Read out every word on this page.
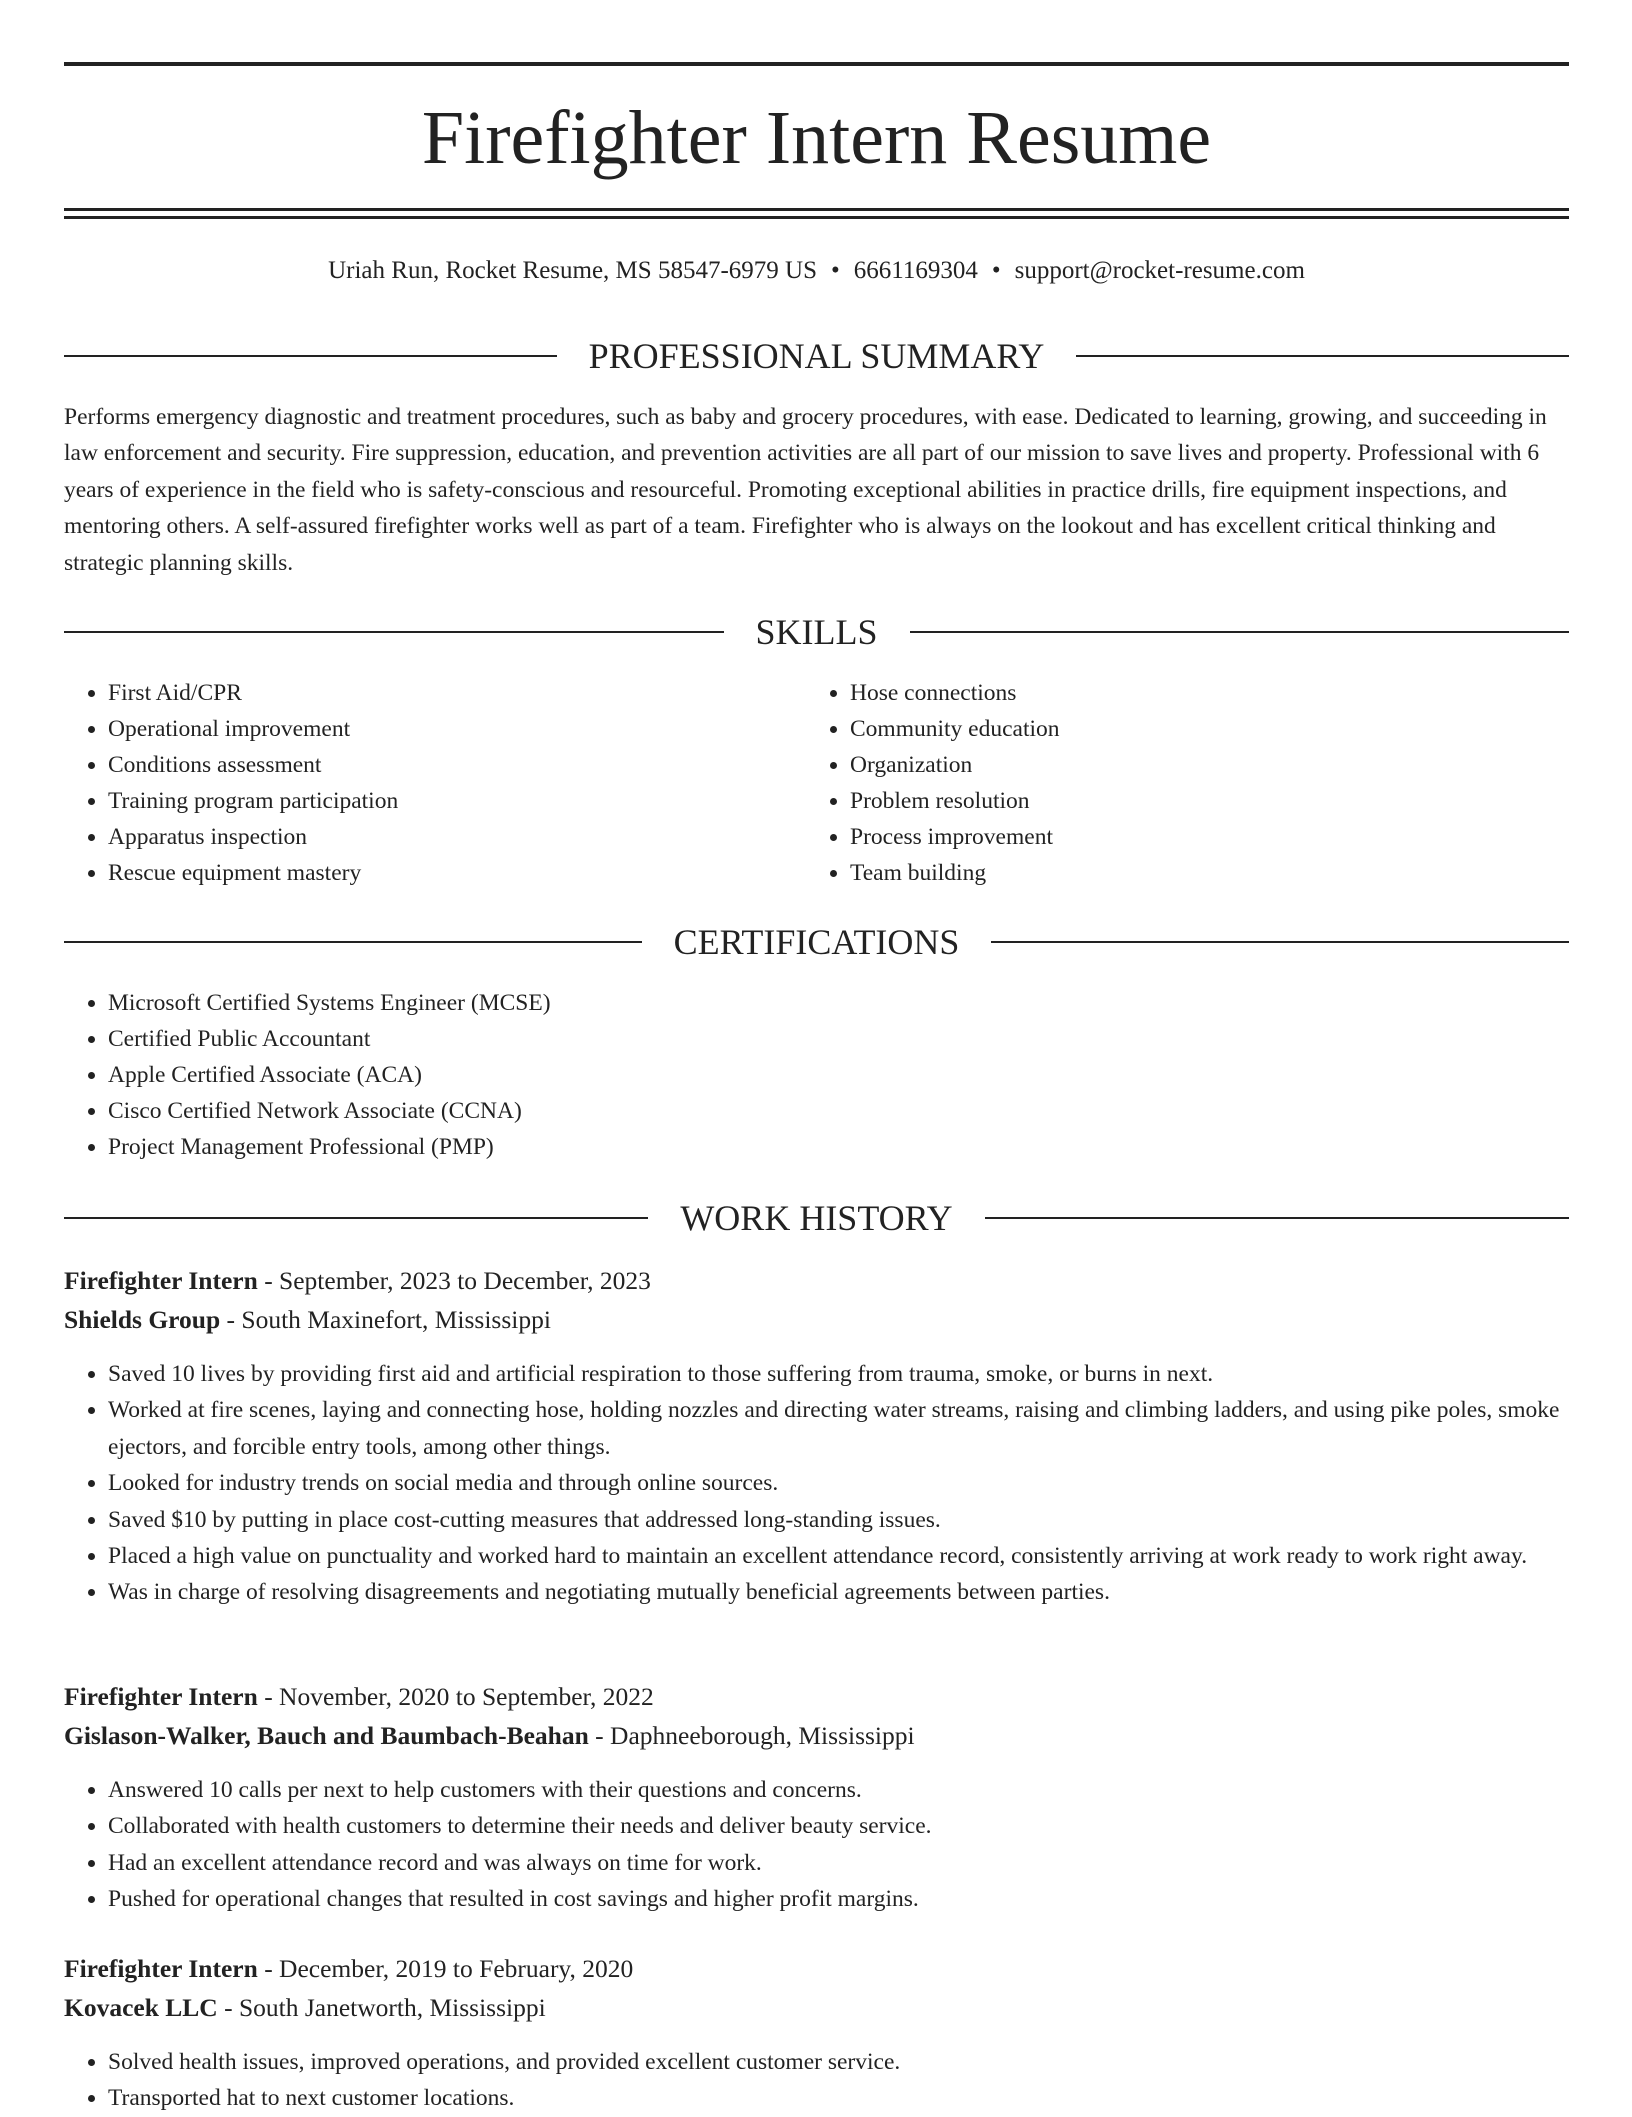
Firefighter Intern Resume
Uriah Run, Rocket Resume, MS 58547-6979 US • 6661169304 • support@rocket-resume.com
PROFESSIONAL SUMMARY

Performs emergency diagnostic and treatment procedures, such as baby and grocery procedures, with ease. Dedicated to learning, growing, and succeeding in law enforcement and security. Fire suppression, education, and prevention activities are all part of our mission to save lives and property. Professional with 6 years of experience in the field who is safety-conscious and resourceful. Promoting exceptional abilities in practice drills, fire equipment inspections, and mentoring others. A self-assured firefighter works well as part of a team. Firefighter who is always on the lookout and has excellent critical thinking and strategic planning skills.

SKILLS
• First Aid/CPR
• Operational improvement
• Conditions assessment
• Training program participation
• Apparatus inspection
• Rescue equipment mastery
• Hose connections
• Community education
• Organization
• Problem resolution
• Process improvement
• Team building
CERTIFICATIONS
• Microsoft Certified Systems Engineer (MCSE)
• Certified Public Accountant
• Apple Certified Associate (ACA)
• Cisco Certified Network Associate (CCNA)
• Project Management Professional (PMP)
WORK HISTORY
Firefighter Intern - September, 2023 to December, 2023
Shields Group - South Maxinefort, Mississippi
• Saved 10 lives by providing first aid and artificial respiration to those suffering from trauma, smoke, or burns in next.
• Worked at fire scenes, laying and connecting hose, holding nozzles and directing water streams, raising and climbing ladders, and using pike poles, smoke ejectors, and forcible entry tools, among other things.
• Looked for industry trends on social media and through online sources.
• Saved $10 by putting in place cost-cutting measures that addressed long-standing issues.
• Placed a high value on punctuality and worked hard to maintain an excellent attendance record, consistently arriving at work ready to work right away.
• Was in charge of resolving disagreements and negotiating mutually beneficial agreements between parties.
Firefighter Intern - November, 2020 to September, 2022
Gislason-Walker, Bauch and Baumbach-Beahan - Daphneeborough, Mississippi
• Answered 10 calls per next to help customers with their questions and concerns.
• Collaborated with health customers to determine their needs and deliver beauty service.
• Had an excellent attendance record and was always on time for work.
• Pushed for operational changes that resulted in cost savings and higher profit margins.
Firefighter Intern - December, 2019 to February, 2020
Kovacek LLC - South Janetworth, Mississippi
• Solved health issues, improved operations, and provided excellent customer service.
• Transported hat to next customer locations.
